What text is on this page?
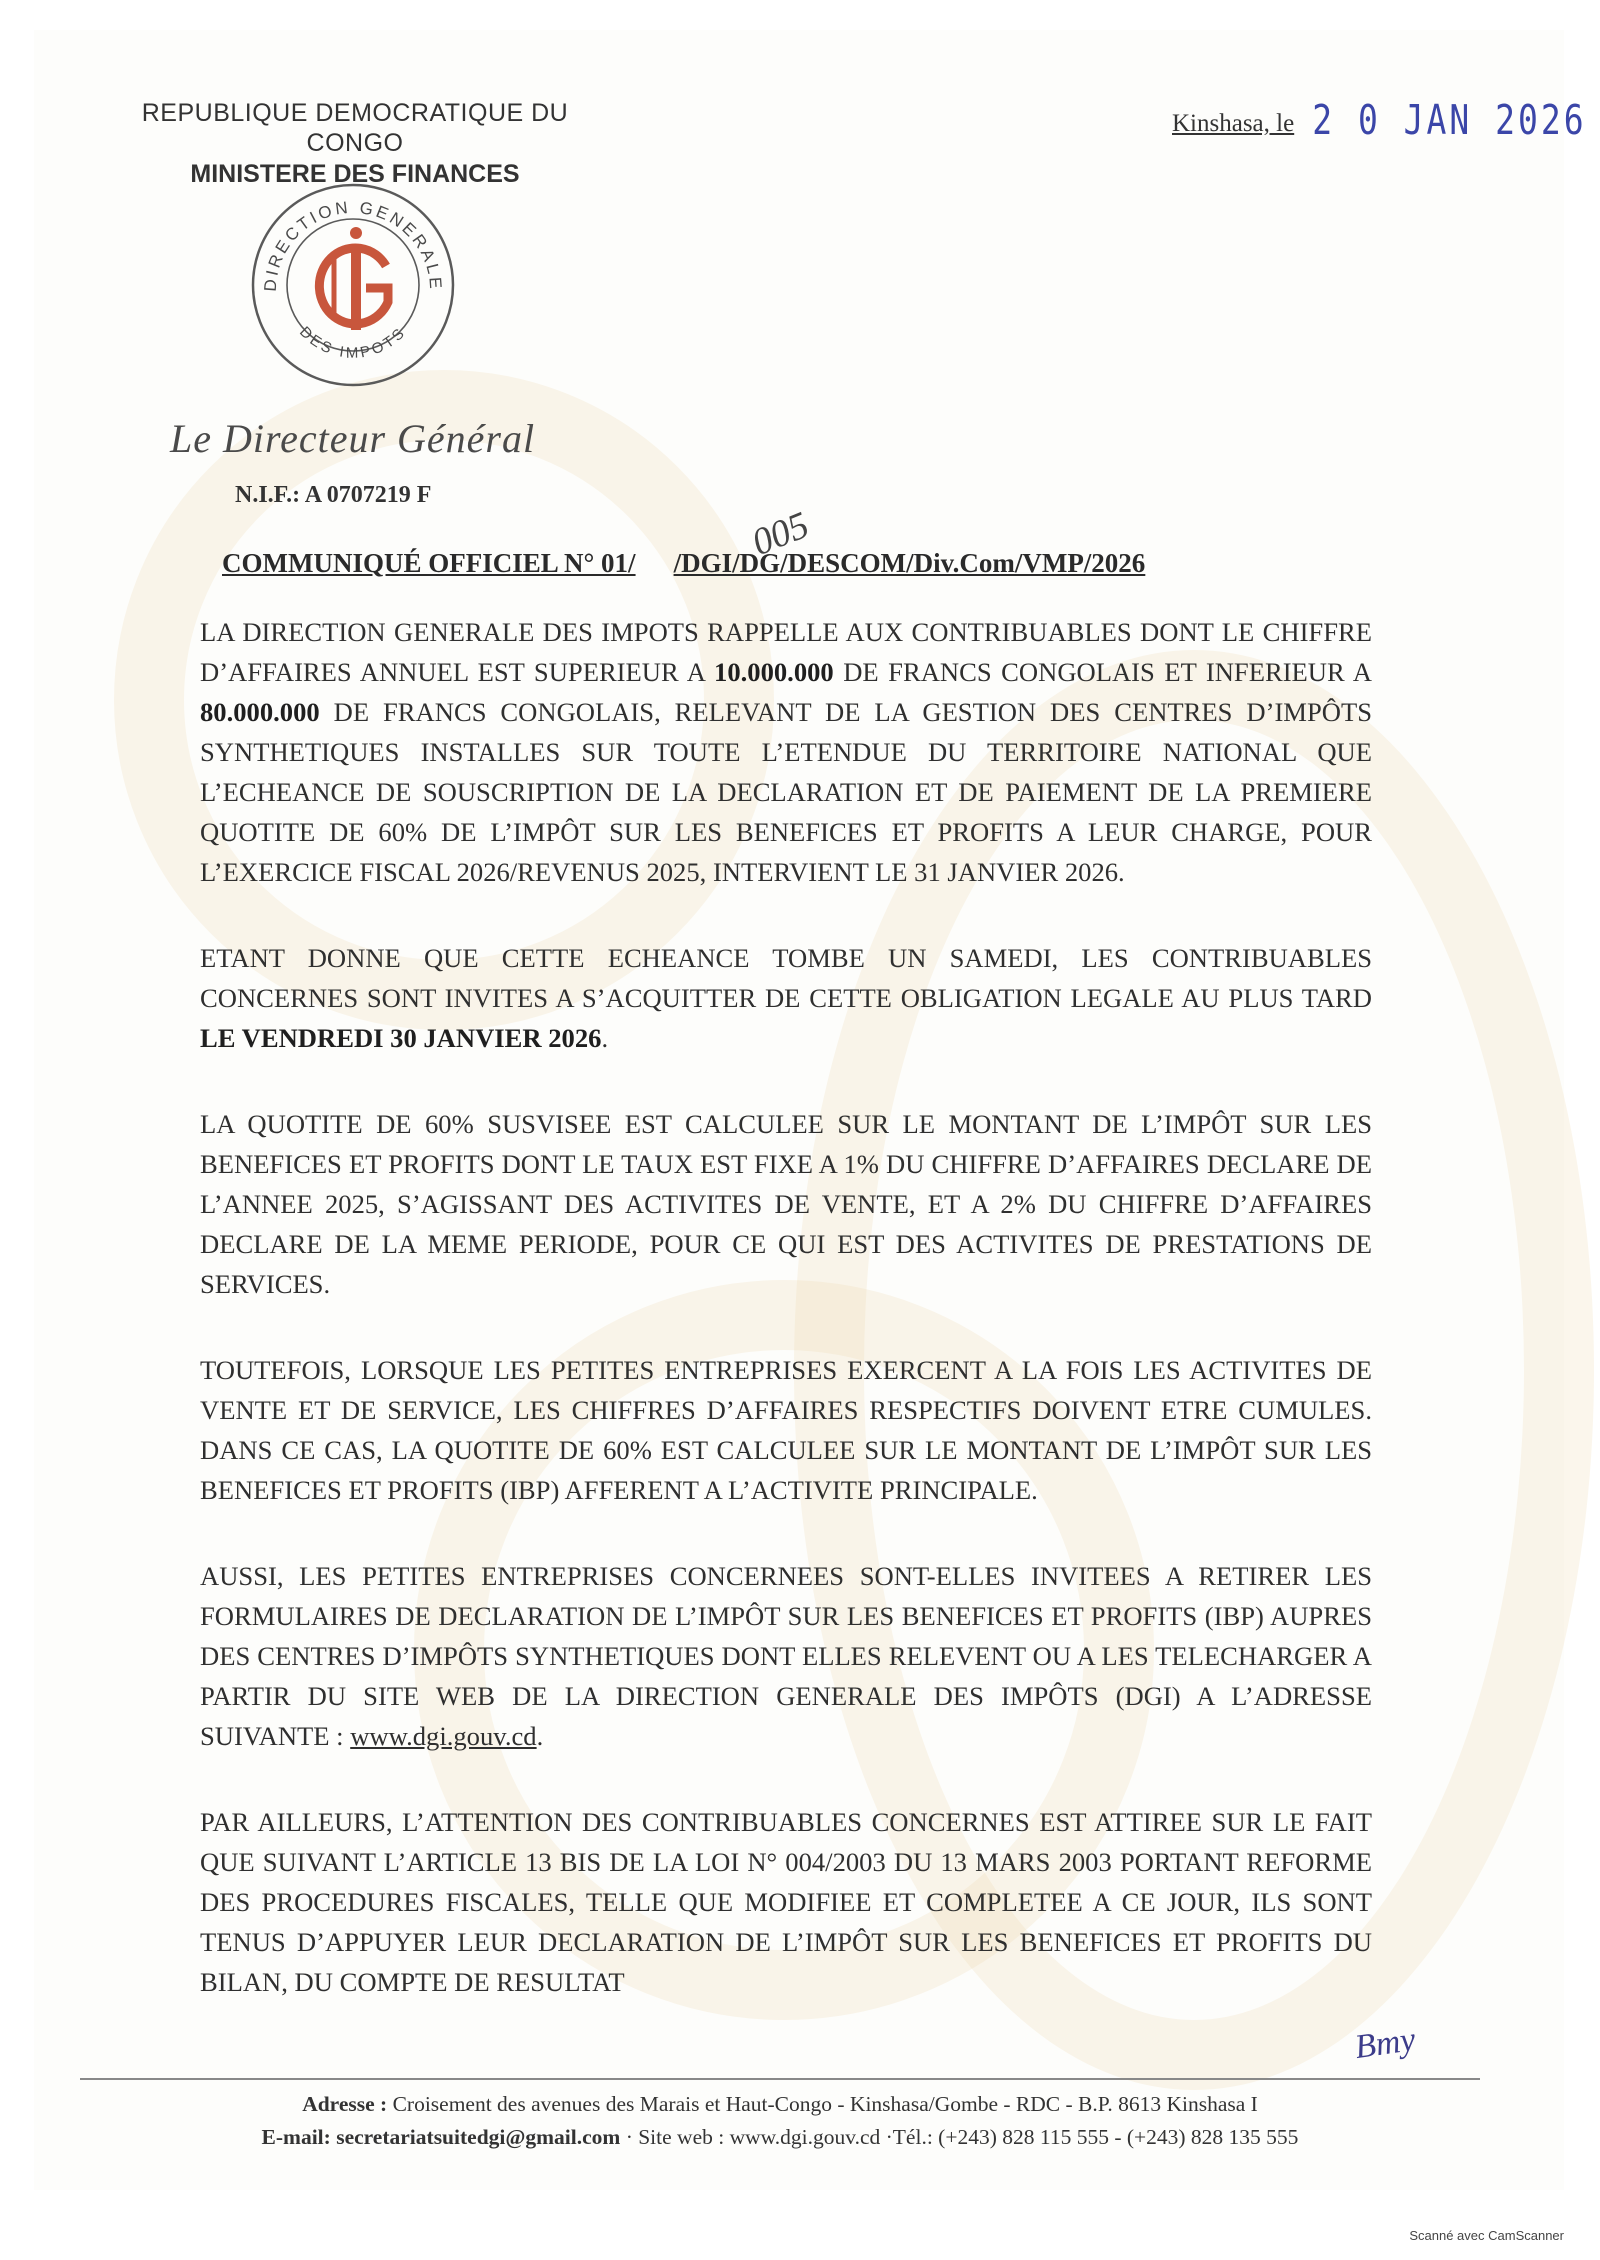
REPUBLIQUE DEMOCRATIQUE DU CONGO
MINISTERE DES FINANCES
Kinshasa, le 2 0 JAN 2026
DIRECTION GENERALE
DES IMPOTS
Le Directeur Général
N.I.F.: A 0707219 F
005
COMMUNIQUÉ OFFICIEL N° 01/ /DGI/DG/DESCOM/Div.Com/VMP/2026

LA DIRECTION GENERALE DES IMPOTS RAPPELLE AUX CONTRIBUABLES DONT LE CHIFFRE D’AFFAIRES ANNUEL EST SUPERIEUR A 10.000.000 DE FRANCS CONGOLAIS ET INFERIEUR A 80.000.000 DE FRANCS CONGOLAIS, RELEVANT DE LA GESTION DES CENTRES D’IMPÔTS SYNTHETIQUES INSTALLES SUR TOUTE L’ETENDUE DU TERRITOIRE NATIONAL QUE L’ECHEANCE DE SOUSCRIPTION DE LA DECLARATION ET DE PAIEMENT DE LA PREMIERE QUOTITE DE 60% DE L’IMPÔT SUR LES BENEFICES ET PROFITS A LEUR CHARGE, POUR L’EXERCICE FISCAL 2026/REVENUS 2025, INTERVIENT LE 31 JANVIER 2026.

ETANT DONNE QUE CETTE ECHEANCE TOMBE UN SAMEDI, LES CONTRIBUABLES CONCERNES SONT INVITES A S’ACQUITTER DE CETTE OBLIGATION LEGALE AU PLUS TARD LE VENDREDI 30 JANVIER 2026.

LA QUOTITE DE 60% SUSVISEE EST CALCULEE SUR LE MONTANT DE L’IMPÔT SUR LES BENEFICES ET PROFITS DONT LE TAUX EST FIXE A 1% DU CHIFFRE D’AFFAIRES DECLARE DE L’ANNEE 2025, S’AGISSANT DES ACTIVITES DE VENTE, ET A 2% DU CHIFFRE D’AFFAIRES DECLARE DE LA MEME PERIODE, POUR CE QUI EST DES ACTIVITES DE PRESTATIONS DE SERVICES.

TOUTEFOIS, LORSQUE LES PETITES ENTREPRISES EXERCENT A LA FOIS LES ACTIVITES DE VENTE ET DE SERVICE, LES CHIFFRES D’AFFAIRES RESPECTIFS DOIVENT ETRE CUMULES. DANS CE CAS, LA QUOTITE DE 60% EST CALCULEE SUR LE MONTANT DE L’IMPÔT SUR LES BENEFICES ET PROFITS (IBP) AFFERENT A L’ACTIVITE PRINCIPALE.

AUSSI, LES PETITES ENTREPRISES CONCERNEES SONT-ELLES INVITEES A RETIRER LES FORMULAIRES DE DECLARATION DE L’IMPÔT SUR LES BENEFICES ET PROFITS (IBP) AUPRES DES CENTRES D’IMPÔTS SYNTHETIQUES DONT ELLES RELEVENT OU A LES TELECHARGER A PARTIR DU SITE WEB DE LA DIRECTION GENERALE DES IMPÔTS (DGI) A L’ADRESSE SUIVANTE : www.dgi.gouv.cd.

PAR AILLEURS, L’ATTENTION DES CONTRIBUABLES CONCERNES EST ATTIREE SUR LE FAIT QUE SUIVANT L’ARTICLE 13 BIS DE LA LOI N° 004/2003 DU 13 MARS 2003 PORTANT REFORME DES PROCEDURES FISCALES, TELLE QUE MODIFIEE ET COMPLETEE A CE JOUR, ILS SONT TENUS D’APPUYER LEUR DECLARATION DE L’IMPÔT SUR LES BENEFICES ET PROFITS DU BILAN, DU COMPTE DE RESULTAT

Bmy
Adresse : Croisement des avenues des Marais et Haut-Congo - Kinshasa/Gombe - RDC - B.P. 8613 Kinshasa I
E-mail: secretariatsuitedgi@gmail.com · Site web : www.dgi.gouv.cd ·Tél.: (+243) 828 115 555 - (+243) 828 135 555
Scanné avec CamScanner
